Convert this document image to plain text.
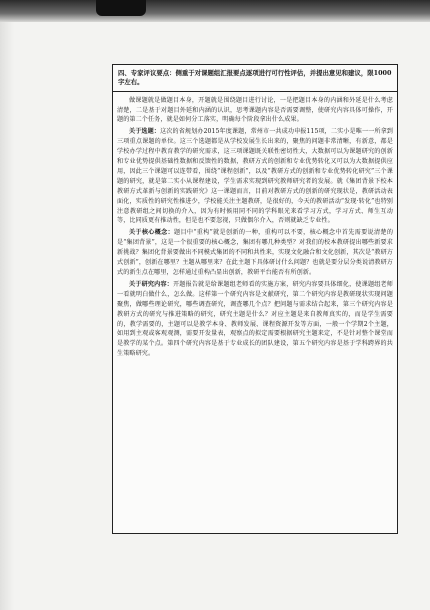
四、专家评议要点：侧重于对课题组汇报要点逐项进行可行性评估，并提出意见和建议，限1000字左右。

做课题就是做题目本身，开题就是围绕题目进行讨论，一是把题目本身的内涵和外延是什么考虑清楚，二是基于对题目外延和内涵的认识，思考课题内容是否需要调整，使研究内容具体可操作，开题的第二个任务，就是如何分工落实，明确每个阶段拿出什么成果。

关于选题：这次的省规划办2015年度课题，常州市一共成功申报115项，二实小是唯一一所拿到三项重点课题的单位。这三个选题都是从学校发展生长出来的，聚焦的问题非常清晰，有新意，都是学校办学过程中教育教学的研究需求，这三项课题既关联性密切性大，大数据可以为课题研究的创新和专业优势提供基础性数据和反馈性的数据，教研方式的创新和专业优势转化又可以为大数据提供应用，因此三个课题可以连带看，围绕“课程创新”，以及“教研方式的创新和专业优势转化研究”三个课题的研究，就是第二实小从课程建设，学生需求实现到研究教师研究者的发展。就《集团背景下校本教研方式革新与创新的实践研究》这一课题而言，目前对教研方式的创新的研究现状是，教研活动表面化，实质性的研究性推进少，学校能关注主题教研，是很好的，今天的教研活动“发现·转化”也特别注意教研组之间切换的介入，因为有时候用同不同的学科眼光来看学习方式，学习方式、师生互动等，比同质更有推动性，但是也不要忽视，只做偶尔介入，否则就缺乏专业性。

关于核心概念：题目中“重构”就是创新的一种，重构可以不要，核心概念中首先需要说清楚的是“集团背景”，这是一个很重要的核心概念，集团有哪几种类型？对我们的校本教研提出哪些新要求新挑战？集团化背景要做出不同模式集团的不同和共性来，实现文化融合和文化创新，其次是“教研方式创新”，创新在哪里？主题从哪里来？在此主题下具体研讨什么问题？也就是要分层分类说清教研方式的新生点在哪里，怎样通过重构凸显出创新，教研平台能否有所创新。

关于研究内容：开题报告就是给课题组老师看的实施方案，研究内容要具体细化，使课题组老师一看就明白做什么，怎么做。这样第一个研究内容是文献研究，第二个研究内容是教研现状实现问题聚焦，做哪些理论研究，哪些调查研究，调查哪几个点？把问题与需求结合起来，第三个研究内容是教研方式的研究与推进策略的研究，研究主题是什么？对应主题是来自教师真实的，而是学生需要的，教学需要的，主题可以是教学本身、教师发展、课程资源开发等方面，一般一个学期2个主题，如用到主观或客观观测，需要开发量表，观察点的拟定需要根据研究主题来定，不是针对整个课堂而是教学的某个点。第四个研究内容是基于专业成长的团队建设，第五个研究内容是基于学科跨界的共生策略研究。
